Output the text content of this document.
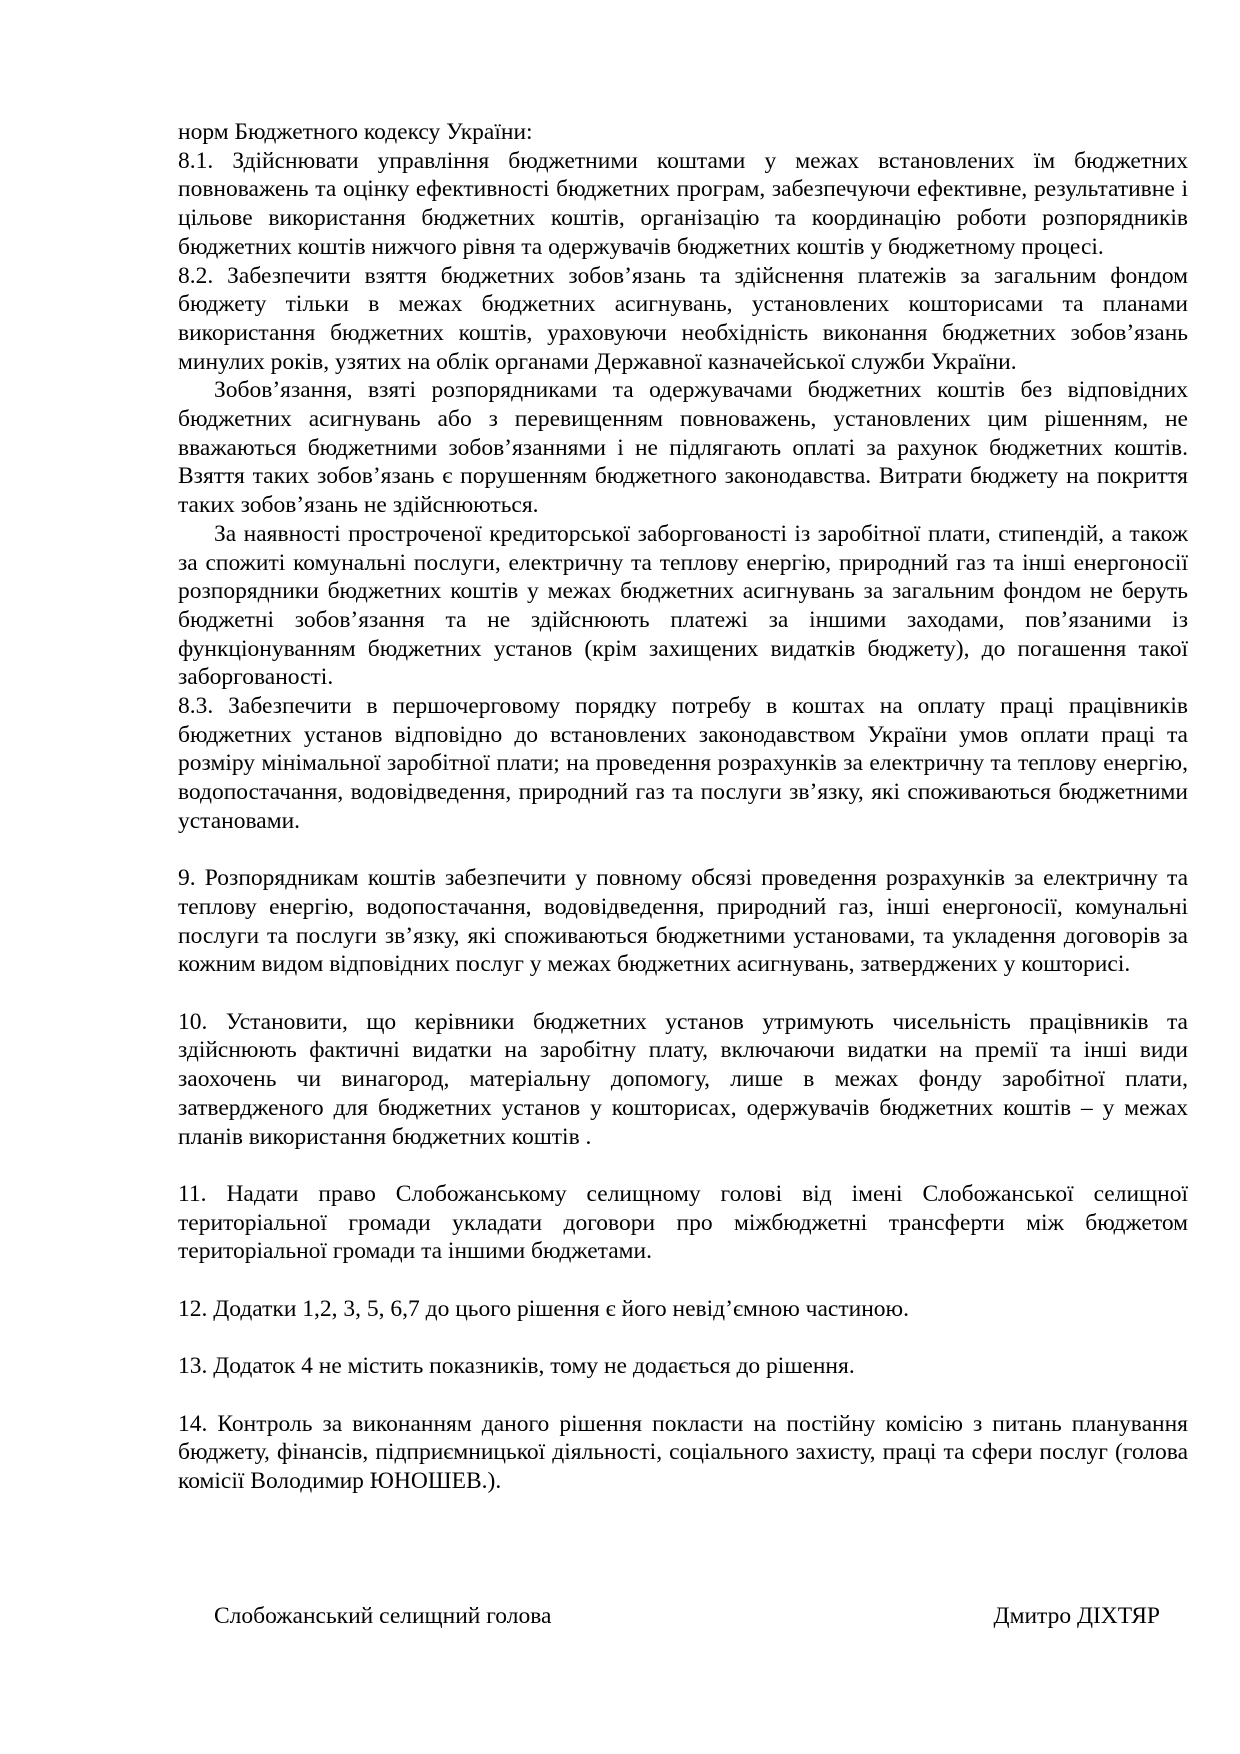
норм Бюджетного кодексу України:

8.1. Здійснювати управління бюджетними коштами у межах встановлених їм бюджетних повноважень та оцінку ефективності бюджетних програм, забезпечуючи ефективне, результативне і цільове використання бюджетних коштів, організацію та координацію роботи розпорядників бюджетних коштів нижчого рівня та одержувачів бюджетних коштів у бюджетному процесі.

8.2. Забезпечити взяття бюджетних зобов’язань та здійснення платежів за загальним фондом бюджету тільки в межах бюджетних асигнувань, установлених кошторисами та планами використання бюджетних коштів, ураховуючи необхідність виконання бюджетних зобов’язань минулих років, узятих на облік органами Державної казначейської служби України.

Зобов’язання, взяті розпорядниками та одержувачами бюджетних коштів без відповідних бюджетних асигнувань або з перевищенням повноважень, установлених цим рішенням, не вважаються бюджетними зобов’язаннями і не підлягають оплаті за рахунок бюджетних коштів. Взяття таких зобов’язань є порушенням бюджетного законодавства. Витрати бюджету на покриття таких зобов’язань не здійснюються.

За наявності простроченої кредиторської заборгованості із заробітної плати, стипендій, а також за спожиті комунальні послуги, електричну та теплову енергію, природний газ та інші енергоносії розпорядники бюджетних коштів у межах бюджетних асигнувань за загальним фондом не беруть бюджетні зобов’язання та не здійснюють платежі за іншими заходами, пов’язаними із функціонуванням бюджетних установ (крім захищених видатків бюджету), до погашення такої заборгованості.

8.3. Забезпечити в першочерговому порядку потребу в коштах на оплату праці працівників бюджетних установ відповідно до встановлених законодавством України умов оплати праці та розміру мінімальної заробітної плати; на проведення розрахунків за електричну та теплову енергію, водопостачання, водовідведення, природний газ та послуги зв’язку, які споживаються бюджетними установами.

9. Розпорядникам коштів забезпечити у повному обсязі проведення розрахунків за електричну та теплову енергію, водопостачання, водовідведення, природний газ, інші енергоносії, комунальні послуги та послуги зв’язку, які споживаються бюджетними установами, та укладення договорів за кожним видом відповідних послуг у межах бюджетних асигнувань, затверджених у кошторисі.

10. Установити, що керівники бюджетних установ утримують чисельність працівників та здійснюють фактичні видатки на заробітну плату, включаючи видатки на премії та інші види заохочень чи винагород, матеріальну допомогу, лише в межах фонду заробітної плати, затвердженого для бюджетних установ у кошторисах, одержувачів бюджетних коштів – у межах планів використання бюджетних коштів .

11. Надати право Слобожанському селищному голові від імені Слобожанської селищної територіальної громади укладати договори про міжбюджетні трансферти між бюджетом територіальної громади та іншими бюджетами.

12. Додатки 1,2, 3, 5, 6,7 до цього рішення є його невід’ємною частиною.

13. Додаток 4 не містить показників, тому не додається до рішення.

14. Контроль за виконанням даного рішення покласти на постійну комісію з питань планування бюджету, фінансів, підприємницької діяльності, соціального захисту, праці та сфери послуг (голова комісії Володимир ЮНОШЕВ.).

Слобожанський селищний голова	Дмитро ДІХТЯР
